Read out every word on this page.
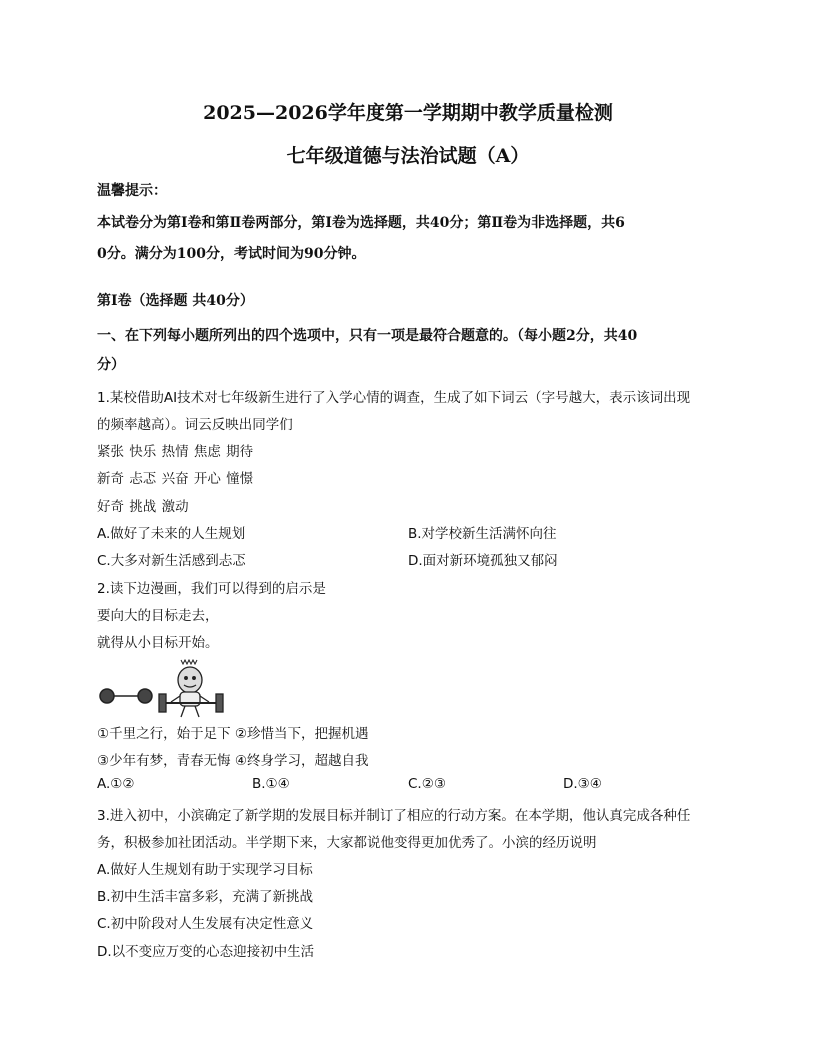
2025—2026学年度第一学期期中教学质量检测
七年级道德与法治试题（A）
温馨提示：
本试卷分为第Ⅰ卷和第Ⅱ卷两部分，第Ⅰ卷为选择题，共40分；第Ⅱ卷为非选择题，共6
0分。满分为100分，考试时间为90分钟。
第Ⅰ卷（选择题 共40分）
一、在下列每小题所列出的四个选项中，只有一项是最符合题意的。（每小题2分，共40
分）
1.某校借助AI技术对七年级新生进行了入学心情的调查，生成了如下词云（字号越大，表示该词出现
的频率越高）。词云反映出同学们
紧张 快乐 热情 焦虑 期待
新奇 忐忑 兴奋 开心 憧憬
好奇 挑战 激动
A.做好了未来的人生规划	B.对学校新生活满怀向往
C.大多对新生活感到忐忑	D.面对新环境孤独又郁闷
2.读下边漫画，我们可以得到的启示是
要向大的目标走去，
就得从小目标开始。
①千里之行，始于足下 ②珍惜当下，把握机遇
③少年有梦，青春无悔 ④终身学习，超越自我
A.①②	B.①④	C.②③	D.③④
3.进入初中，小滨确定了新学期的发展目标并制订了相应的行动方案。在本学期，他认真完成各种任
务，积极参加社团活动。半学期下来，大家都说他变得更加优秀了。小滨的经历说明
A.做好人生规划有助于实现学习目标
B.初中生活丰富多彩，充满了新挑战
C.初中阶段对人生发展有决定性意义
D.以不变应万变的心态迎接初中生活
